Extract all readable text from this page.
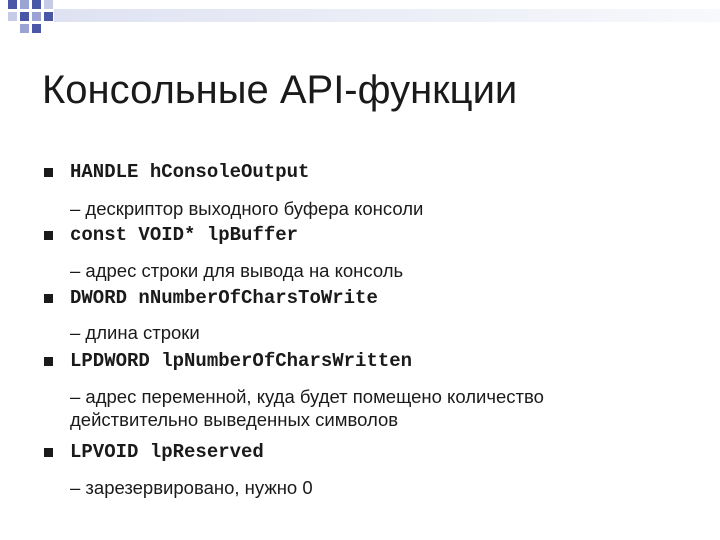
Консольные API-функции
HANDLE hConsoleOutput
– дескриптор выходного буфера консоли
const VOID* lpBuffer
– адрес строки для вывода на консоль
DWORD nNumberOfCharsToWrite
– длина строки
LPDWORD lpNumberOfCharsWritten
– адрес переменной, куда будет помещено количество действительно выведенных символов
LPVOID lpReserved
– зарезервировано, нужно 0
